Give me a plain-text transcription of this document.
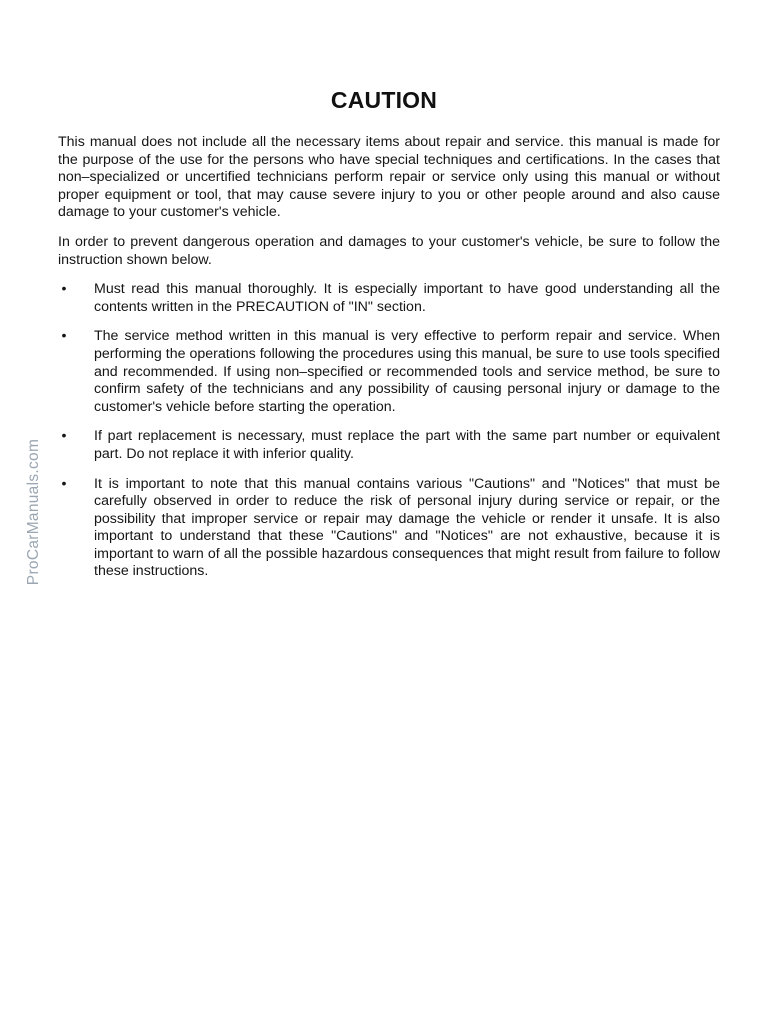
ProCarManuals.com
CAUTION

This manual does not include all the necessary items about repair and service. this manual is made for the purpose of the use for the persons who have special techniques and certifications. In the cases that non–specialized or uncertified technicians perform repair or service only using this manual or without proper equipment or tool, that may cause severe injury to you or other people around and also cause damage to your customer's vehicle.

In order to prevent dangerous operation and damages to your customer's vehicle, be sure to follow the instruction shown below.

• Must read this manual thoroughly. It is especially important to have good understanding all the contents written in the PRECAUTION of "IN" section.
• The service method written in this manual is very effective to perform repair and service. When performing the operations following the procedures using this manual, be sure to use tools specified and recommended. If using non–specified or recommended tools and service method, be sure to confirm safety of the technicians and any possibility of causing personal injury or damage to the customer's vehicle before starting the operation.
• If part replacement is necessary, must replace the part with the same part number or equivalent part. Do not replace it with inferior quality.
• It is important to note that this manual contains various "Cautions" and "Notices" that must be carefully observed in order to reduce the risk of personal injury during service or repair, or the possibility that improper service or repair may damage the vehicle or render it unsafe. It is also important to understand that these "Cautions" and "Notices" are not exhaustive, because it is important to warn of all the possible hazardous consequences that might result from failure to follow these instructions.
